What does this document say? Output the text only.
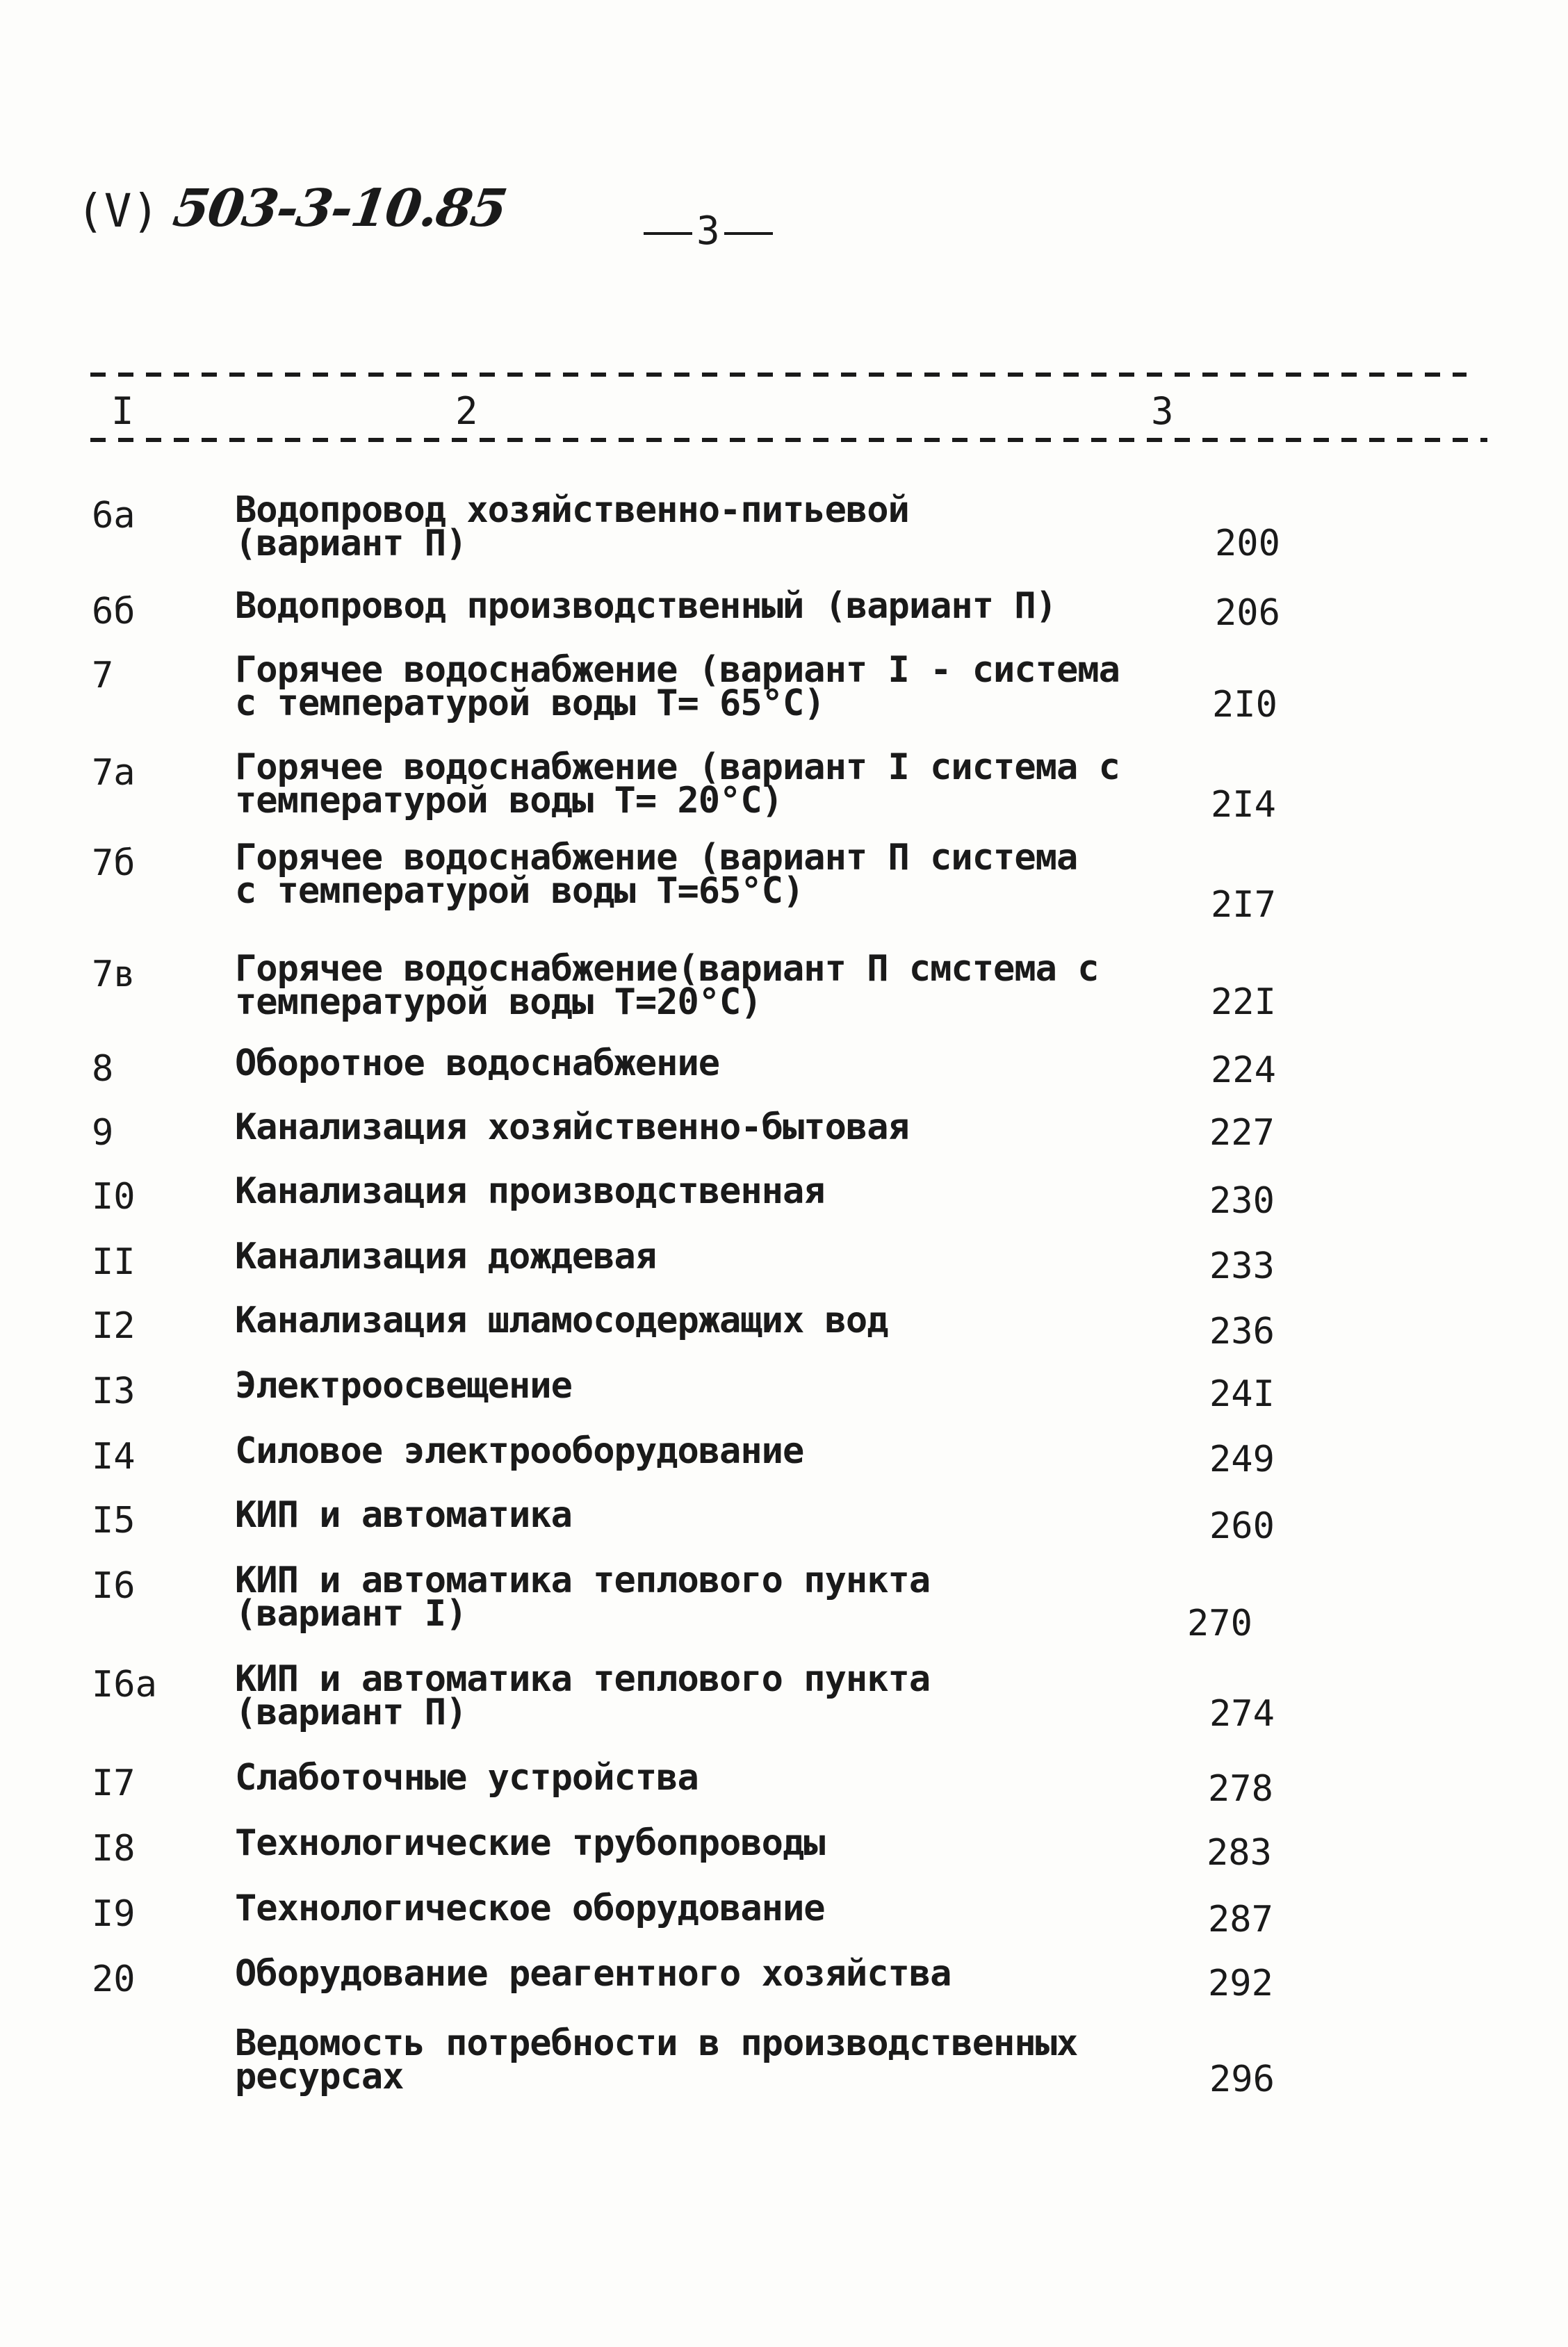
(V) 503-3-10.85	3
I	2	3
6а	Водопровод хозяйственно-питьевой
(вариант П)	200
6б	Водопровод производственный (вариант П)	206
7	Горячее водоснабжение (вариант I - система
с температурой воды Т= 65°С)	2I0
7а	Горячее водоснабжение (вариант I система с
температурой воды Т= 20°С)	2I4
7б	Горячее водоснабжение (вариант П система
с температурой воды Т=65°С)	2I7
7в	Горячее водоснабжение(вариант П смстема с
температурой воды Т=20°С)	22I
8	Оборотное водоснабжение	224
9	Канализация хозяйственно-бытовая	227
I0	Канализация производственная	230
II	Канализация дождевая	233
I2	Канализация шламосодержащих вод	236
I3	Электроосвещение	24I
I4	Силовое электрооборудование	249
I5	КИП и автоматика	260
I6	КИП и автоматика теплового пункта
(вариант I)	270
I6а КИП и автоматика теплового пункта
(вариант П)	274
I7	Слаботочные устройства	278
I8	Технологические трубопроводы	283
I9	Технологическое оборудование	287
20	Оборудование реагентного хозяйства	292
Ведомость потребности в производственных
ресурсах	296
